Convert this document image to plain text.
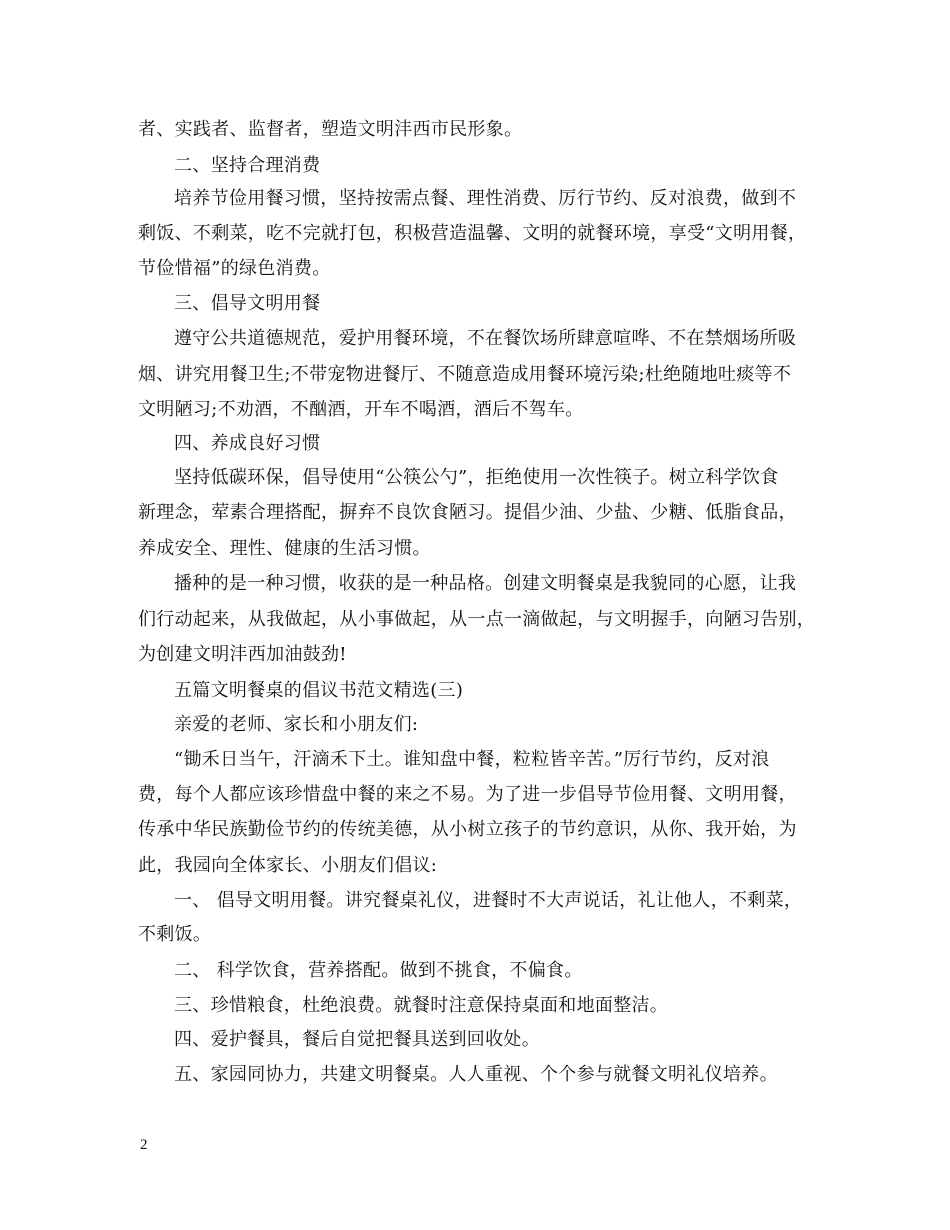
者、实践者、监督者，塑造文明沣西市民形象。
二、坚持合理消费
培养节俭用餐习惯，坚持按需点餐、理性消费、厉行节约、反对浪费，做到不
剩饭、不剩菜，吃不完就打包，积极营造温馨、文明的就餐环境，享受“文明用餐，
节俭惜福”的绿色消费。
三、倡导文明用餐
遵守公共道德规范，爱护用餐环境，不在餐饮场所肆意喧哗、不在禁烟场所吸
烟、讲究用餐卫生;不带宠物进餐厅、不随意造成用餐环境污染;杜绝随地吐痰等不
文明陋习;不劝酒，不酗酒，开车不喝酒，酒后不驾车。
四、养成良好习惯
坚持低碳环保，倡导使用“公筷公勺”，拒绝使用一次性筷子。树立科学饮食
新理念，荤素合理搭配，摒弃不良饮食陋习。提倡少油、少盐、少糖、低脂食品，
养成安全、理性、健康的生活习惯。
播种的是一种习惯，收获的是一种品格。创建文明餐桌是我貌同的心愿，让我
们行动起来，从我做起，从小事做起，从一点一滴做起，与文明握手，向陋习告别，
为创建文明沣西加油鼓劲!
五篇文明餐桌的倡议书范文精选(三)
亲爱的老师、家长和小朋友们:
“锄禾日当午，汗滴禾下土。谁知盘中餐，粒粒皆辛苦。”厉行节约，反对浪
费，每个人都应该珍惜盘中餐的来之不易。为了进一步倡导节俭用餐、文明用餐，
传承中华民族勤俭节约的传统美德，从小树立孩子的节约意识，从你、我开始，为
此，我园向全体家长、小朋友们倡议:
一、 倡导文明用餐。讲究餐桌礼仪，进餐时不大声说话，礼让他人，不剩菜，
不剩饭。
二、 科学饮食，营养搭配。做到不挑食，不偏食。
三、珍惜粮食，杜绝浪费。就餐时注意保持桌面和地面整洁。
四、爱护餐具，餐后自觉把餐具送到回收处。
五、家园同协力，共建文明餐桌。人人重视、个个参与就餐文明礼仪培养。
2
